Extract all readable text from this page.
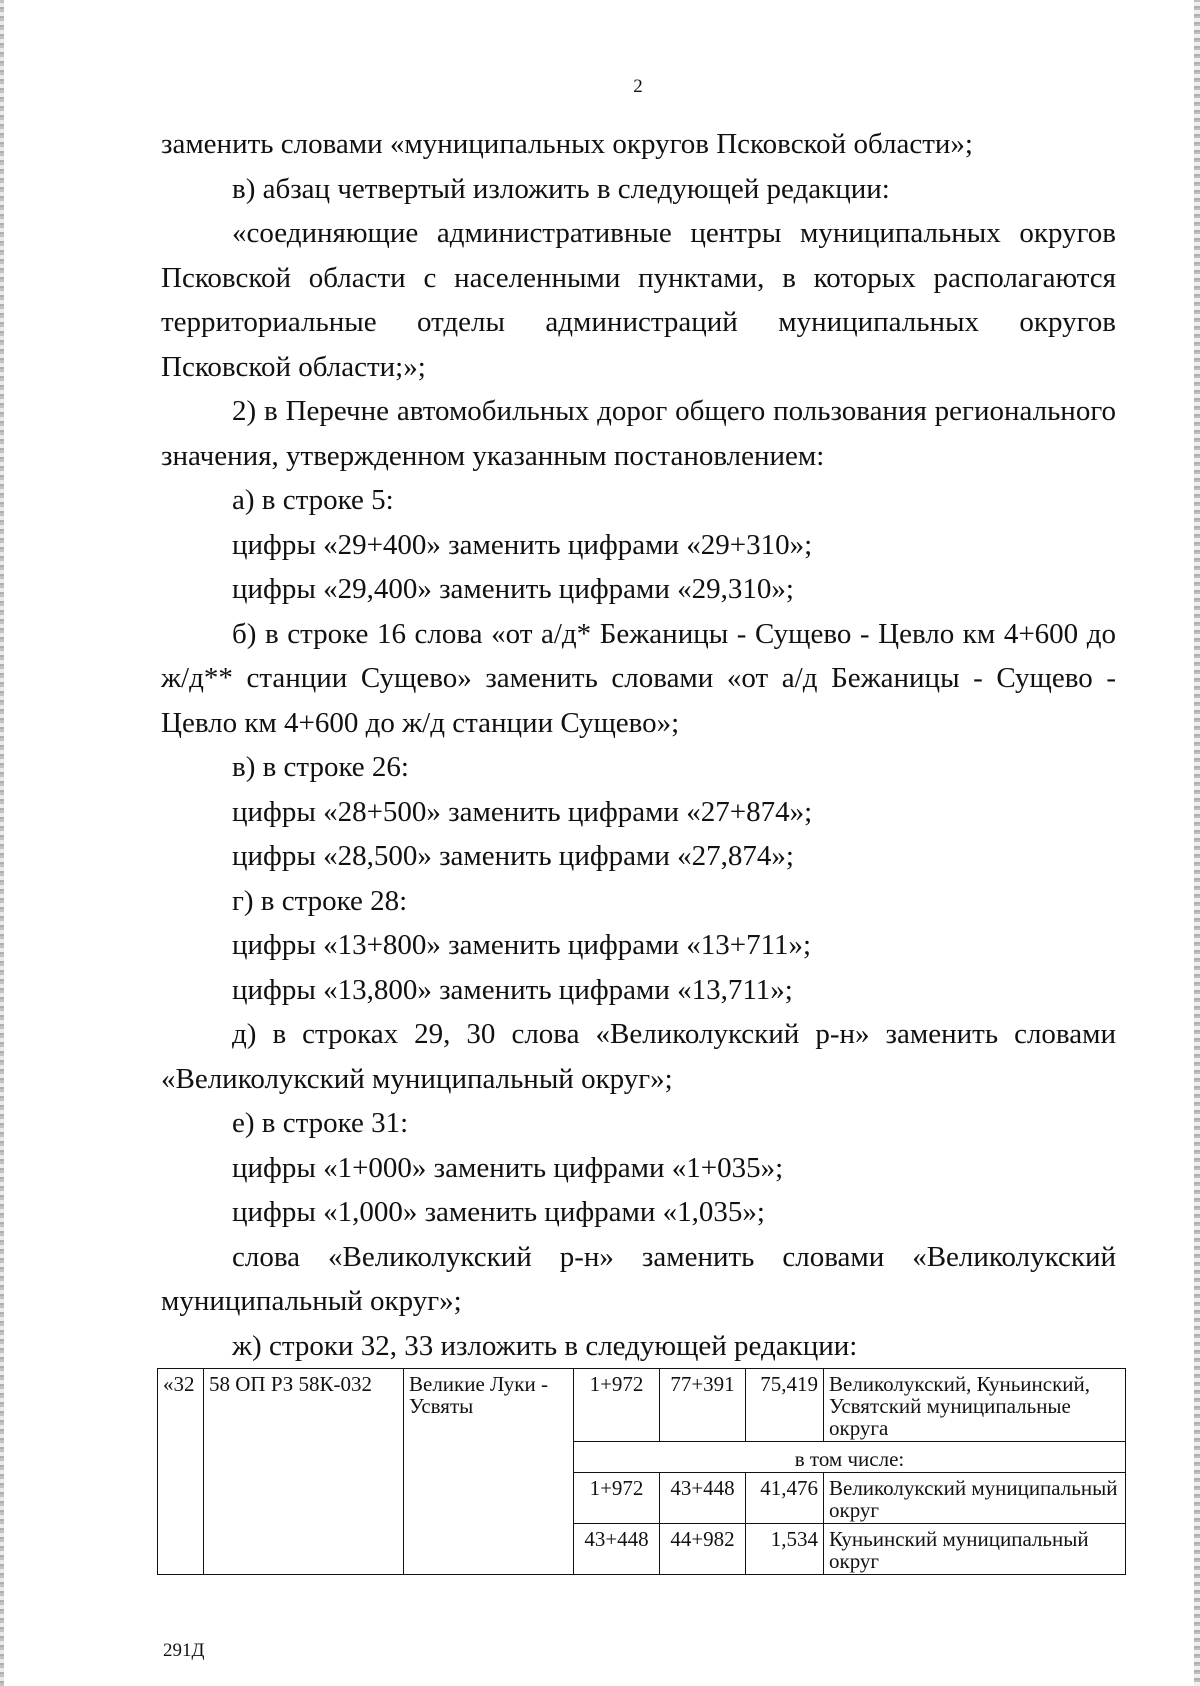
2

заменить словами «муниципальных округов Псковской области»;

в) абзац четвертый изложить в следующей редакции:

«соединяющие административные центры муниципальных округов Псковской области с населенными пунктами, в которых располагаются территориальные отделы администраций муниципальных округов Псковской области;»;

2) в Перечне автомобильных дорог общего пользования регионального значения, утвержденном указанным постановлением:

а) в строке 5:

цифры «29+400» заменить цифрами «29+310»;

цифры «29,400» заменить цифрами «29,310»;

б) в строке 16 слова «от а/д* Бежаницы - Сущево - Цевло км 4+600 до ж/д** станции Сущево» заменить словами «от а/д Бежаницы - Сущево - Цевло км 4+600 до ж/д станции Сущево»;

в) в строке 26:

цифры «28+500» заменить цифрами «27+874»;

цифры «28,500» заменить цифрами «27,874»;

г) в строке 28:

цифры «13+800» заменить цифрами «13+711»;

цифры «13,800» заменить цифрами «13,711»;

д) в строках 29, 30 слова «Великолукский р-н» заменить словами «Великолукский муниципальный округ»;

е) в строке 31:

цифры «1+000» заменить цифрами «1+035»;

цифры «1,000» заменить цифрами «1,035»;

слова «Великолукский р-н» заменить словами «Великолукский муниципальный округ»;

ж) строки 32, 33 изложить в следующей редакции:

«32	58 ОП РЗ 58К-032	Великие Луки - Усвяты	1+972	77+391	75,419	Великолукский, Куньинский, Усвятский муниципальные округа
			в том числе:			
			1+972	43+448	41,476	Великолукский муниципальный округ
			43+448	44+982	1,534	Куньинский муниципальный округ
291Д
